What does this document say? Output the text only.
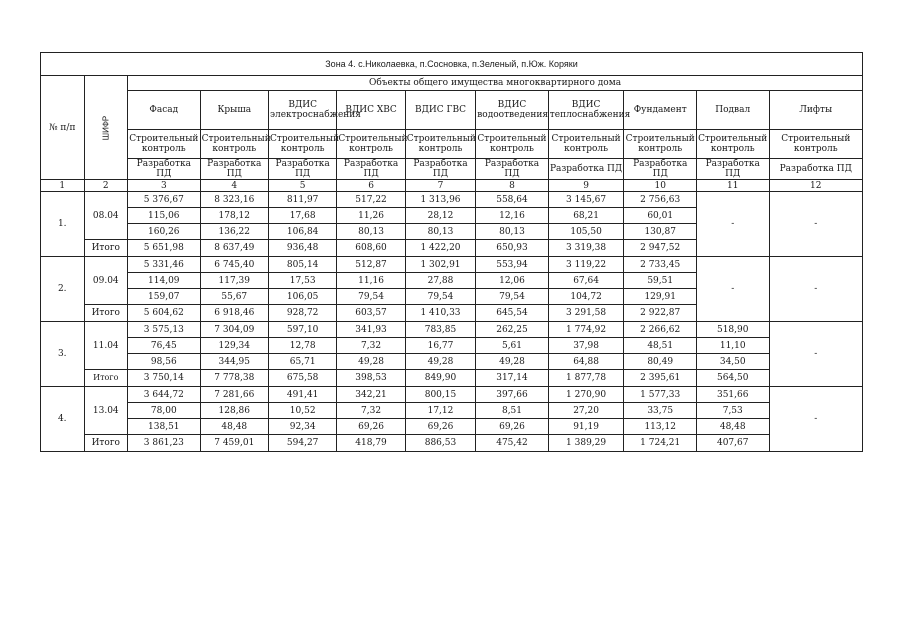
Зона 4. с.Николаевка, п.Сосновка, п.Зеленый, п.Юж. Коряки											
№ п/п	ШИФР	Объекты общего имущества многоквартирного дома									
		Фасад	Крыша	ВДИС электроснабжения	ВДИС ХВС	ВДИС ГВС	ВДИС водоотведения	ВДИС теплоснабжения	Фундамент	Подвал	Лифты
		Строительный контроль	Строительный контроль	Строительный контроль	Строительный контроль	Строительный контроль	Строительный контроль	Строительный контроль	Строительный контроль	Строительный контроль	Строительный контроль
		Разработка ПД	Разработка ПД	Разработка ПД	Разработка ПД	Разработка ПД	Разработка ПД	Разработка ПД	Разработка ПД	Разработка ПД	Разработка ПД
1	2	3	4	5	6	7	8	9	10	11	12
1.	08.04	5 376,67	8 323,16	811,97	517,22	1 313,96	558,64	3 145,67	2 756,63	-	-
		115,06	178,12	17,68	11,26	28,12	12,16	68,21	60,01		
		160,26	136,22	106,84	80,13	80,13	80,13	105,50	130,87		
	Итого	5 651,98	8 637,49	936,48	608,60	1 422,20	650,93	3 319,38	2 947,52		
2.	09.04	5 331,46	6 745,40	805,14	512,87	1 302,91	553,94	3 119,22	2 733,45	-	-
		114,09	117,39	17,53	11,16	27,88	12,06	67,64	59,51		
		159,07	55,67	106,05	79,54	79,54	79,54	104,72	129,91		
	Итого	5 604,62	6 918,46	928,72	603,57	1 410,33	645,54	3 291,58	2 922,87		
3.	11.04	3 575,13	7 304,09	597,10	341,93	783,85	262,25	1 774,92	2 266,62	518,90	-
		76,45	129,34	12,78	7,32	16,77	5,61	37,98	48,51	11,10	
		98,56	344,95	65,71	49,28	49,28	49,28	64,88	80,49	34,50	
	Итого	3 750,14	7 778,38	675,58	398,53	849,90	317,14	1 877,78	2 395,61	564,50	
4.	13.04	3 644,72	7 281,66	491,41	342,21	800,15	397,66	1 270,90	1 577,33	351,66	-
		78,00	128,86	10,52	7,32	17,12	8,51	27,20	33,75	7,53	
		138,51	48,48	92,34	69,26	69,26	69,26	91,19	113,12	48,48	
	Итого	3 861,23	7 459,01	594,27	418,79	886,53	475,42	1 389,29	1 724,21	407,67	
